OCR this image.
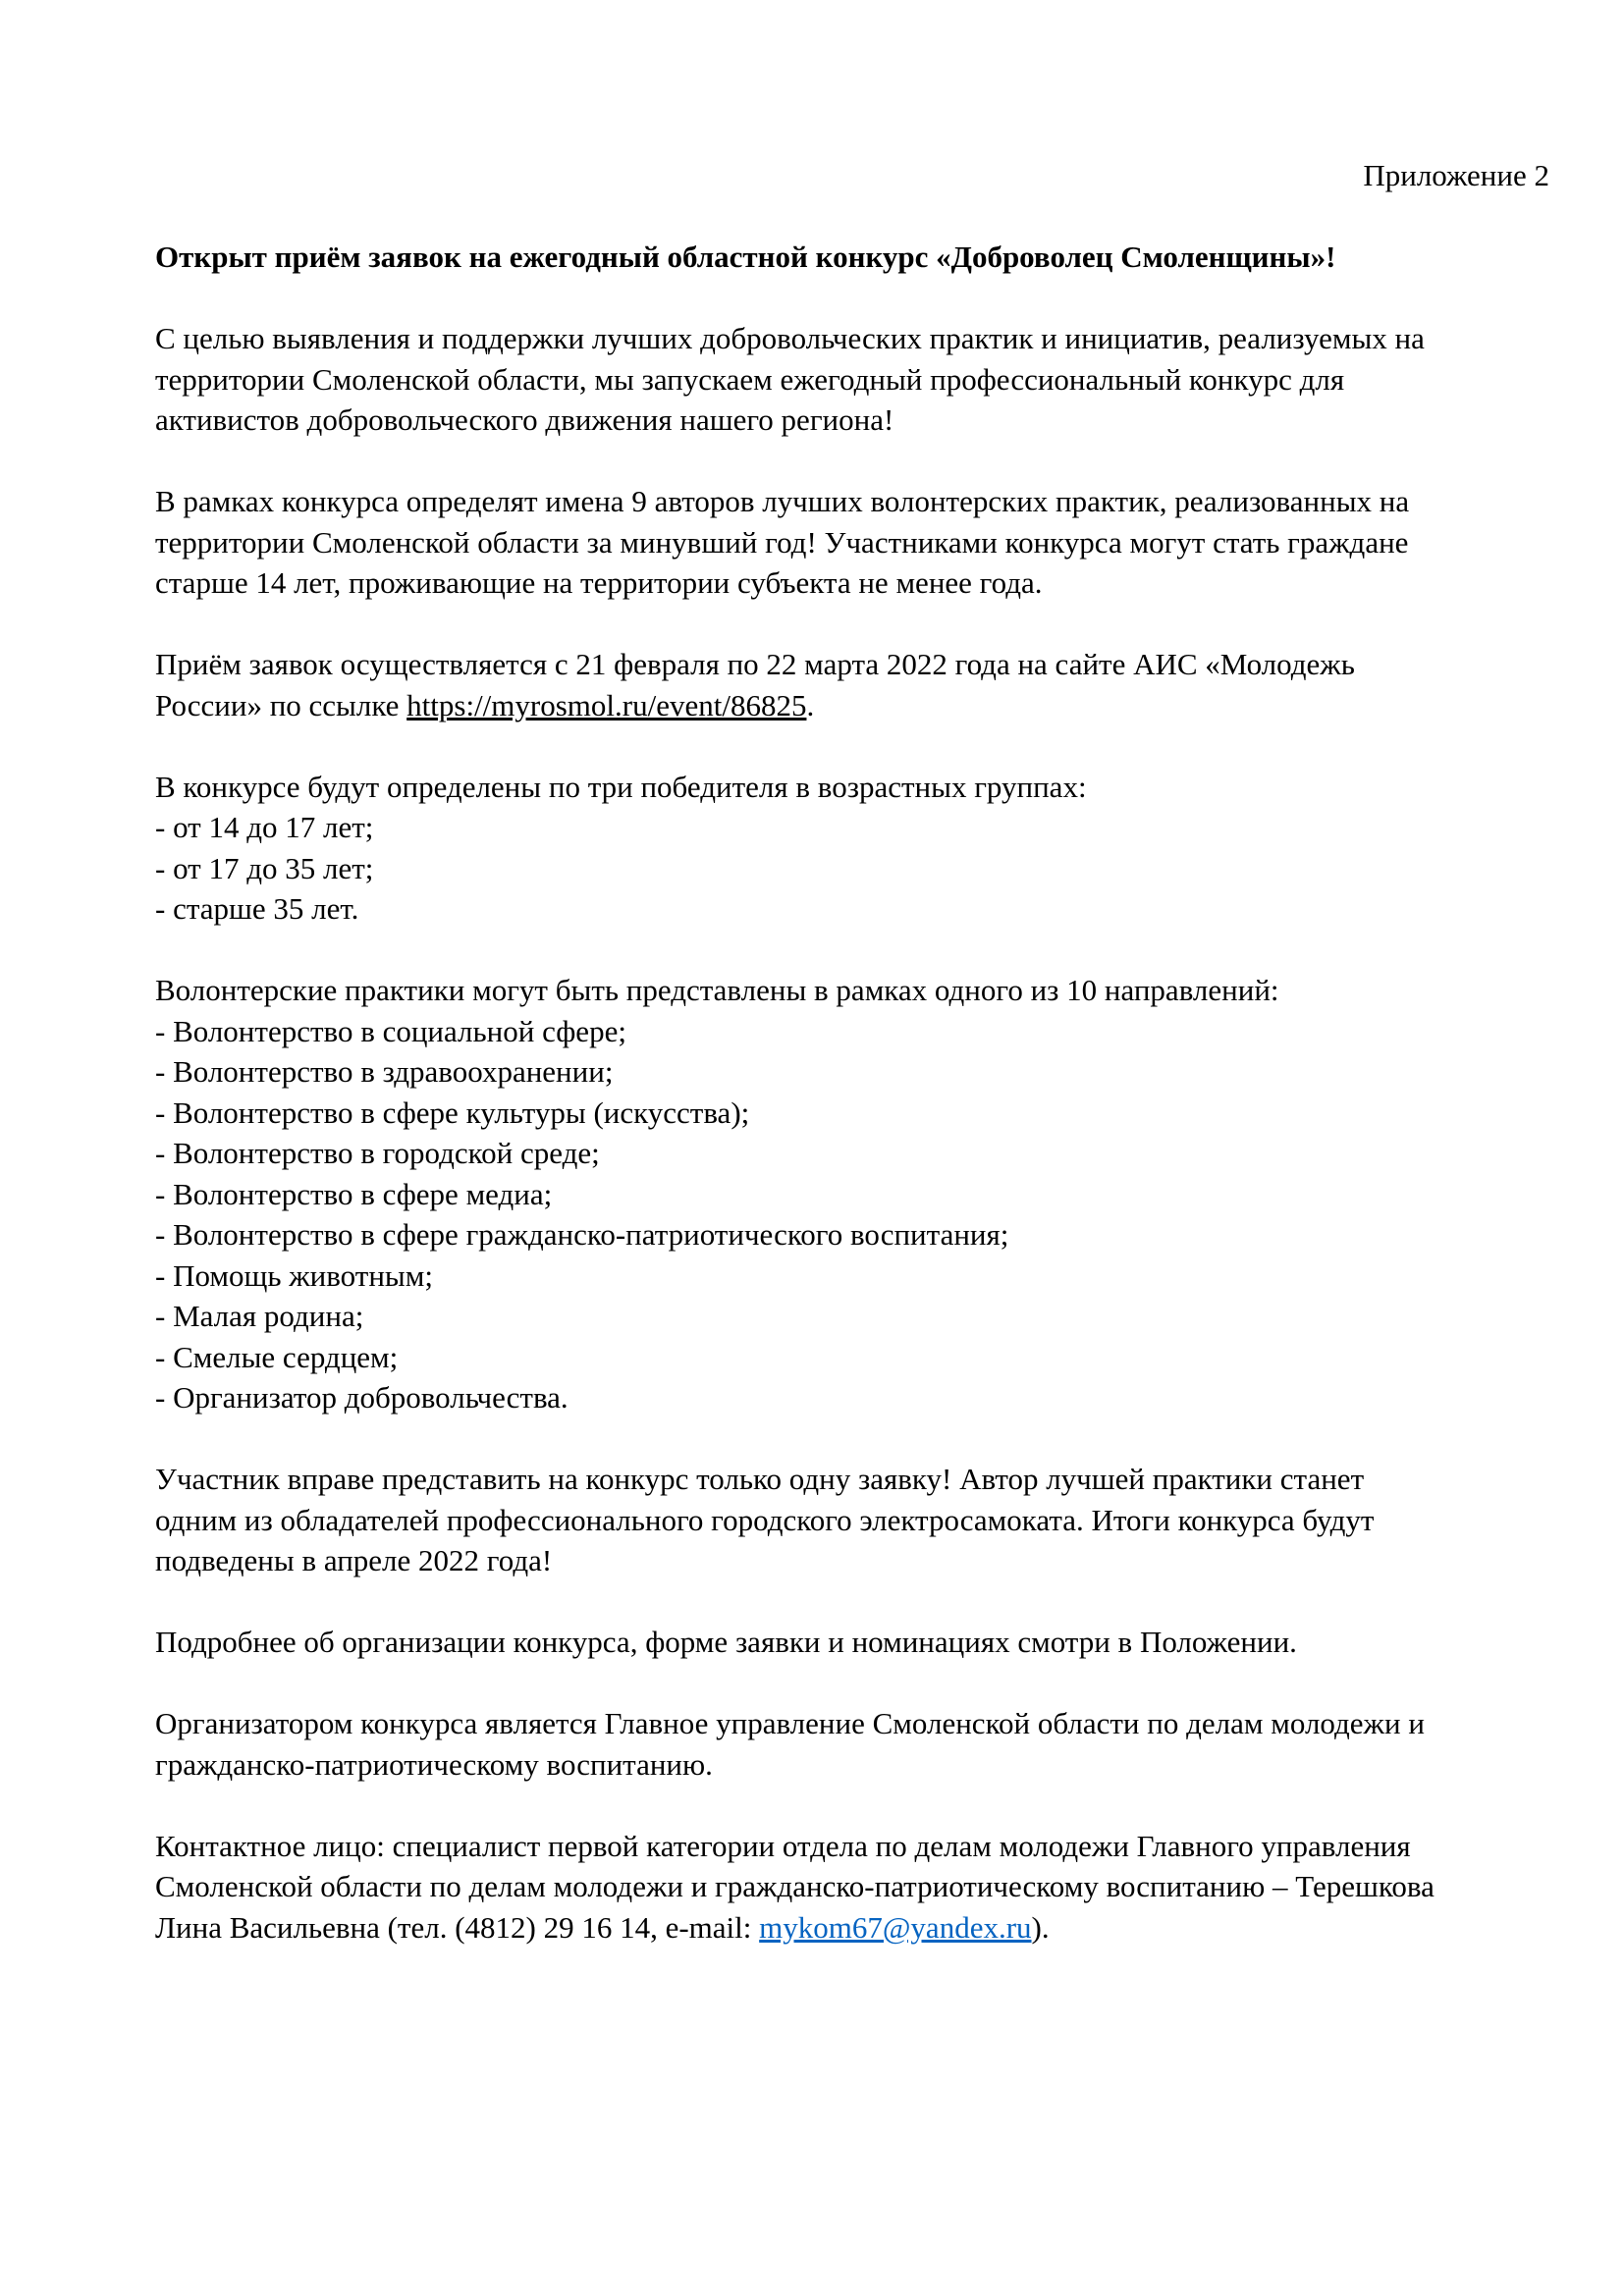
Приложение 2

Открыт приём заявок на ежегодный областной конкурс «Доброволец Смоленщины»!

С целью выявления и поддержки лучших добровольческих практик и инициатив, реализуемых на
территории Смоленской области, мы запускаем ежегодный профессиональный конкурс для
активистов добровольческого движения нашего региона!

В рамках конкурса определят имена 9 авторов лучших волонтерских практик, реализованных на
территории Смоленской области за минувший год! Участниками конкурса могут стать граждане
старше 14 лет, проживающие на территории субъекта не менее года.

Приём заявок осуществляется с 21 февраля по 22 марта 2022 года на сайте АИС «Молодежь
России» по ссылке https://myrosmol.ru/event/86825.

В конкурсе будут определены по три победителя в возрастных группах:
- от 14 до 17 лет;
- от 17 до 35 лет;
- старше 35 лет.

Волонтерские практики могут быть представлены в рамках одного из 10 направлений:
- Волонтерство в социальной сфере;
- Волонтерство в здравоохранении;
- Волонтерство в сфере культуры (искусства);
- Волонтерство в городской среде;
- Волонтерство в сфере медиа;
- Волонтерство в сфере гражданско-патриотического воспитания;
- Помощь животным;
- Малая родина;
- Смелые сердцем;
- Организатор добровольчества.

Участник вправе представить на конкурс только одну заявку! Автор лучшей практики станет
одним из обладателей профессионального городского электросамоката. Итоги конкурса будут
подведены в апреле 2022 года!

Подробнее об организации конкурса, форме заявки и номинациях смотри в Положении.

Организатором конкурса является Главное управление Смоленской области по делам молодежи и
гражданско-патриотическому воспитанию.

Контактное лицо: специалист первой категории отдела по делам молодежи Главного управления
Смоленской области по делам молодежи и гражданско-патриотическому воспитанию – Терешкова
Лина Васильевна (тел. (4812) 29 16 14, e-mail: mykom67@yandex.ru).
